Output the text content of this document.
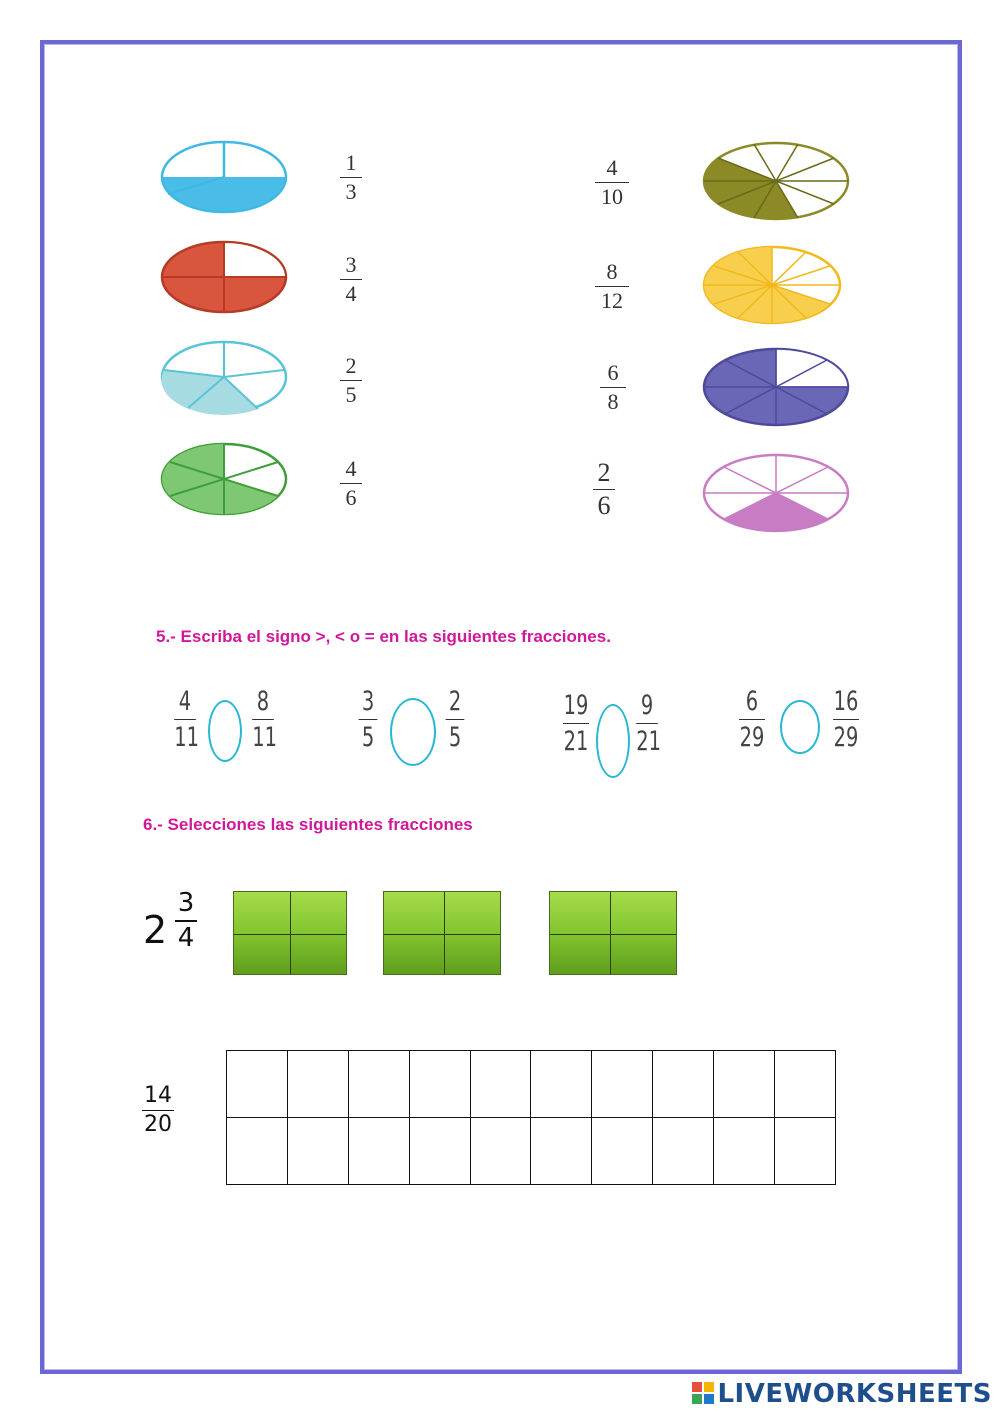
1
3
3
4
2
5
4
6
4
10
8
12
6
8
2
6
5.- Escriba el signo >, < o = en las siguientes fracciones.
4
11
8
11
3
5
2
5
19
21
9
21
6
29
16
29
6.- Selecciones las siguientes fracciones
2
3
4
14
20

LIVEWORKSHEETS
